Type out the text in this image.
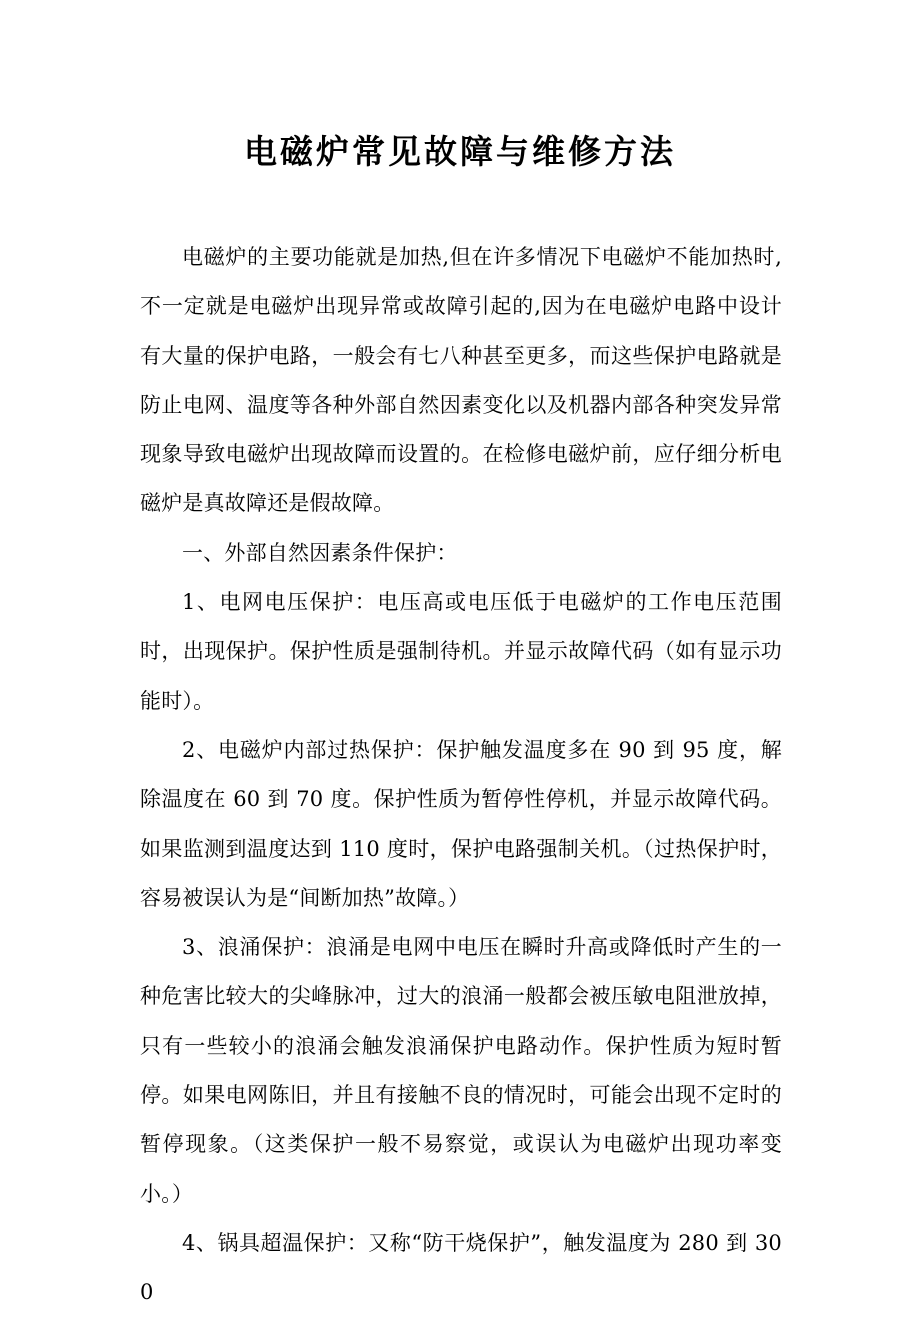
电磁炉常见故障与维修方法

电磁炉的主要功能就是加热,但在许多情况下电磁炉不能加热时,不一定就是电磁炉出现异常或故障引起的,因为在电磁炉电路中设计有大量的保护电路，一般会有七八种甚至更多，而这些保护电路就是防止电网、温度等各种外部自然因素变化以及机器内部各种突发异常现象导致电磁炉出现故障而设置的。在检修电磁炉前，应仔细分析电磁炉是真故障还是假故障。

一、外部自然因素条件保护：

1、电网电压保护：电压高或电压低于电磁炉的工作电压范围时，出现保护。保护性质是强制待机。并显示故障代码（如有显示功能时）。

2、电磁炉内部过热保护：保护触发温度多在 90 到 95 度，解除温度在 60 到 70 度。保护性质为暂停性停机，并显示故障代码。如果监测到温度达到 110 度时，保护电路强制关机。（过热保护时，容易被误认为是“间断加热”故障。）

3、浪涌保护：浪涌是电网中电压在瞬时升高或降低时产生的一种危害比较大的尖峰脉冲，过大的浪涌一般都会被压敏电阻泄放掉，只有一些较小的浪涌会触发浪涌保护电路动作。保护性质为短时暂停。如果电网陈旧，并且有接触不良的情况时，可能会出现不定时的暂停现象。（这类保护一般不易察觉，或误认为电磁炉出现功率变小。）

4、锅具超温保护：又称“防干烧保护”，触发温度为 280 到 300
